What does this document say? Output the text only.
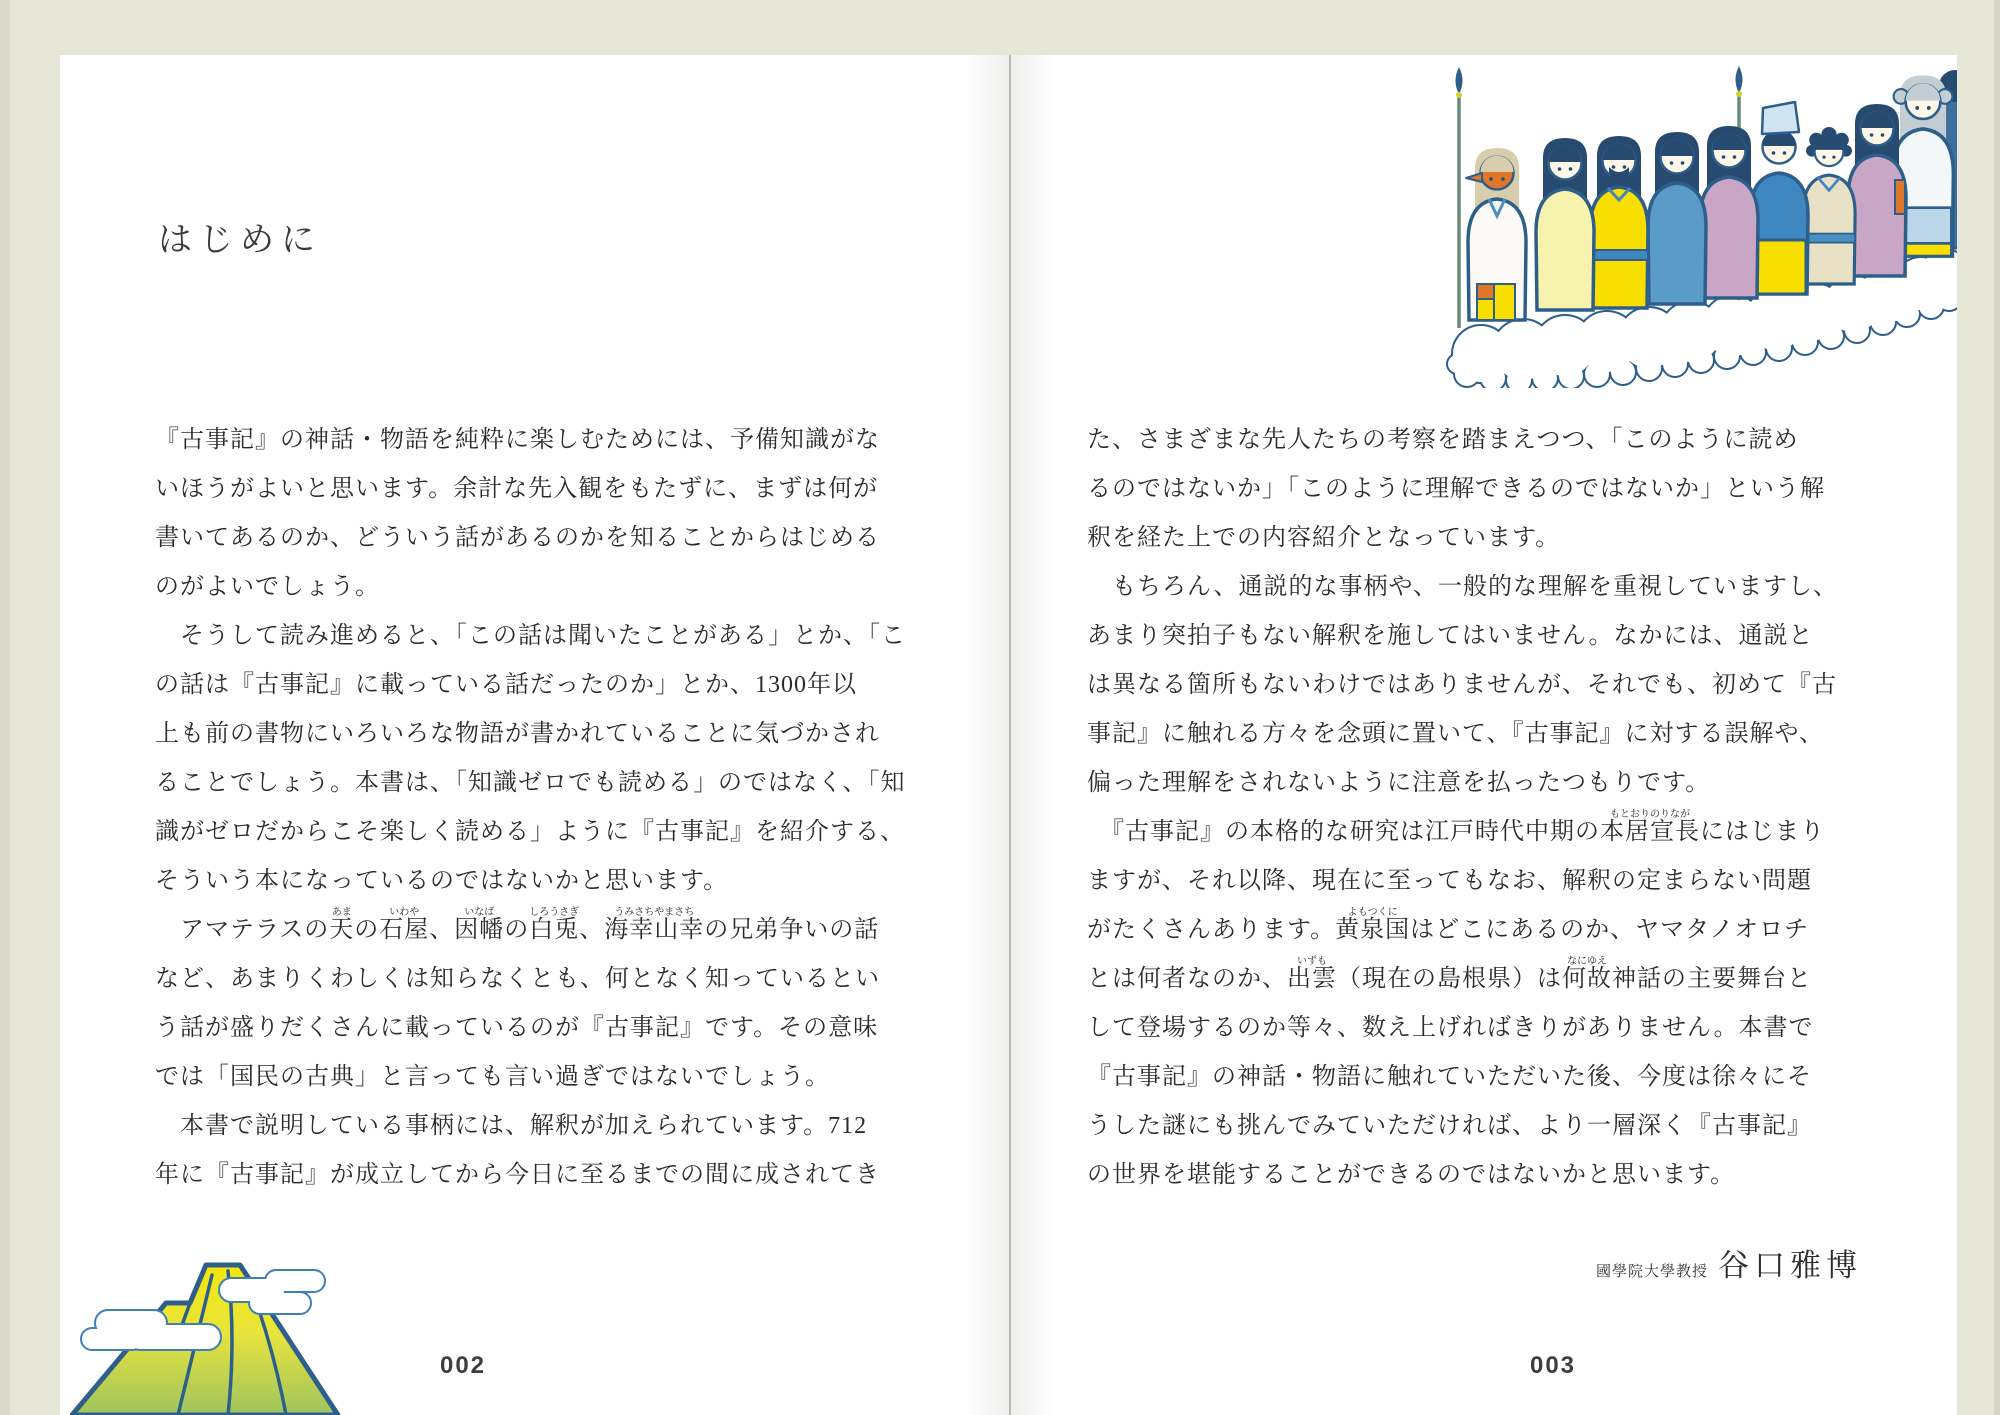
はじめに
『古事記』の神話・物語を純粋に楽しむためには、予備知識がな
いほうがよいと思います。余計な先入観をもたずに、まずは何が
書いてあるのか、どういう話があるのかを知ることからはじめる
のがよいでしょう。
　そうして読み進めると、「この話は聞いたことがある」とか、「こ
の話は『古事記』に載っている話だったのか」とか、1300年以
上も前の書物にいろいろな物語が書かれていることに気づかされ
ることでしょう。本書は、「知識ゼロでも読める」のではなく、「知
識がゼロだからこそ楽しく読める」ように『古事記』を紹介する、
そういう本になっているのではないかと思います。
　アマテラスの天あまの石屋いわや、因幡いなばの白兎しろうさぎ、海幸山幸うみさちやまさちの兄弟争いの話
など、あまりくわしくは知らなくとも、何となく知っているとい
う話が盛りだくさんに載っているのが『古事記』です。その意味
では「国民の古典」と言っても言い過ぎではないでしょう。
　本書で説明している事柄には、解釈が加えられています。712
年に『古事記』が成立してから今日に至るまでの間に成されてき
た、さまざまな先人たちの考察を踏まえつつ、「このように読め
るのではないか」「このように理解できるのではないか」という解
釈を経た上での内容紹介となっています。
　もちろん、通説的な事柄や、一般的な理解を重視していますし、
あまり突拍子もない解釈を施してはいません。なかには、通説と
は異なる箇所もないわけではありませんが、それでも、初めて『古
事記』に触れる方々を念頭に置いて、『古事記』に対する誤解や、
偏った理解をされないように注意を払ったつもりです。
　『古事記』の本格的な研究は江戸時代中期の本居宣長もとおりのりながにはじまり
ますが、それ以降、現在に至ってもなお、解釈の定まらない問題
がたくさんあります。黄泉国よもつくにはどこにあるのか、ヤマタノオロチ
とは何者なのか、出雲いずも（現在の島根県）は何故なにゆえ神話の主要舞台と
して登場するのか等々、数え上げればきりがありません。本書で
『古事記』の神話・物語に触れていただいた後、今度は徐々にそ
うした謎にも挑んでみていただければ、より一層深く『古事記』
の世界を堪能することができるのではないかと思います。
國學院大學教授 谷口雅博
002	003
